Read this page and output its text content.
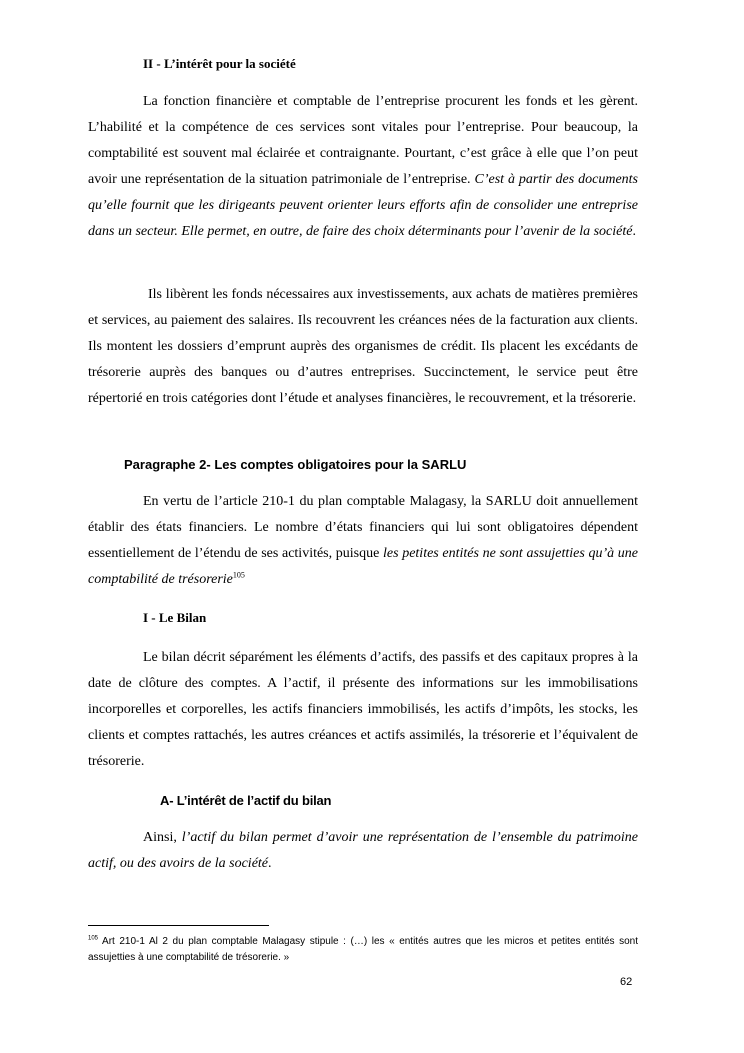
II - L’intérêt pour la société

La fonction financière et comptable de l’entreprise procurent les fonds et les gèrent. L’habilité et la compétence de ces services sont vitales pour l’entreprise. Pour beaucoup, la comptabilité est souvent mal éclairée et contraignante. Pourtant, c’est grâce à elle que l’on peut avoir une représentation de la situation patrimoniale de l’entreprise. C’est à partir des documents qu’elle fournit que les dirigeants peuvent orienter leurs efforts afin de consolider une entreprise dans un secteur. Elle permet, en outre, de faire des choix déterminants pour l’avenir de la société.

Ils libèrent les fonds nécessaires aux investissements, aux achats de matières premières et services, au paiement des salaires. Ils recouvrent les créances nées de la facturation aux clients. Ils montent les dossiers d’emprunt auprès des organismes de crédit. Ils placent les excédants de trésorerie auprès des banques ou d’autres entreprises. Succinctement, le service peut être répertorié en trois catégories dont l’étude et analyses financières, le recouvrement, et la trésorerie.

Paragraphe 2- Les comptes obligatoires pour la SARLU

En vertu de l’article 210-1 du plan comptable Malagasy, la SARLU doit annuellement établir des états financiers. Le nombre d’états financiers qui lui sont obligatoires dépendent essentiellement de l’étendu de ses activités, puisque les petites entités ne sont assujetties qu’à une comptabilité de trésorerie$^{105}$

I - Le Bilan

Le bilan décrit séparément les éléments d’actifs, des passifs et des capitaux propres à la date de clôture des comptes. A l’actif, il présente des informations sur les immobilisations incorporelles et corporelles, les actifs financiers immobilisés, les actifs d’impôts, les stocks, les clients et comptes rattachés, les autres créances et actifs assimilés, la trésorerie et l’équivalent de trésorerie.

A- L’intérêt de l’actif du bilan

Ainsi, l’actif du bilan permet d’avoir une représentation de l’ensemble du patrimoine actif, ou des avoirs de la société.

$^{105}$ Art 210-1 Al 2 du plan comptable Malagasy stipule : (…) les « entités autres que les micros et petites entités sont assujetties à une comptabilité de trésorerie. »
62
